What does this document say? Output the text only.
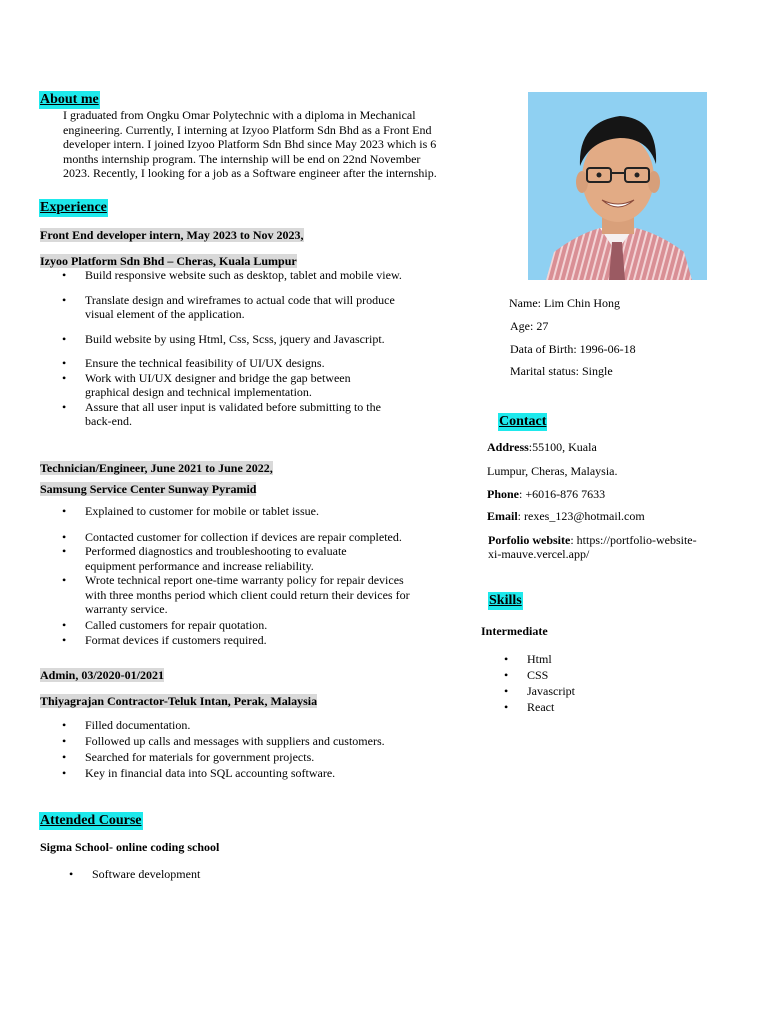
About me
I graduated from Ongku Omar Polytechnic with a diploma in Mechanical
engineering. Currently, I interning at Izyoo Platform Sdn Bhd as a Front End
developer intern. I joined Izyoo Platform Sdn Bhd since May 2023 which is 6
months internship program. The internship will be end on 22nd November
2023. Recently, I looking for a job as a Software engineer after the internship.
Experience
Front End developer intern, May 2023 to Nov 2023,
Izyoo Platform Sdn Bhd – Cheras, Kuala Lumpur
• Build responsive website such as desktop, tablet and mobile view.
• Translate design and wireframes to actual code that will produce
visual element of the application.
• Build website by using Html, Css, Scss, jquery and Javascript.
• Ensure the technical feasibility of UI/UX designs.
• Work with UI/UX designer and bridge the gap between
graphical design and technical implementation.
• Assure that all user input is validated before submitting to the
back-end.
Technician/Engineer, June 2021 to June 2022,
Samsung Service Center Sunway Pyramid
• Explained to customer for mobile or tablet issue.
• Contacted customer for collection if devices are repair completed.
• Performed diagnostics and troubleshooting to evaluate
equipment performance and increase reliability.
• Wrote technical report one-time warranty policy for repair devices
with three months period which client could return their devices for
warranty service.
• Called customers for repair quotation.
• Format devices if customers required.
Admin, 03/2020-01/2021
Thiyagrajan Contractor-Teluk Intan, Perak, Malaysia
• Filled documentation.
• Followed up calls and messages with suppliers and customers.
• Searched for materials for government projects.
• Key in financial data into SQL accounting software.
Attended Course
Sigma School- online coding school
• Software development
Name: Lim Chin Hong
Age: 27
Data of Birth: 1996-06-18
Marital status: Single
Contact
Address:55100, Kuala
Lumpur, Cheras, Malaysia.
Phone: +6016-876 7633
Email: rexes_123@hotmail.com
Porfolio website: https://portfolio-website-
xi-mauve.vercel.app/
Skills
Intermediate
• Html
• CSS
• Javascript
• React
